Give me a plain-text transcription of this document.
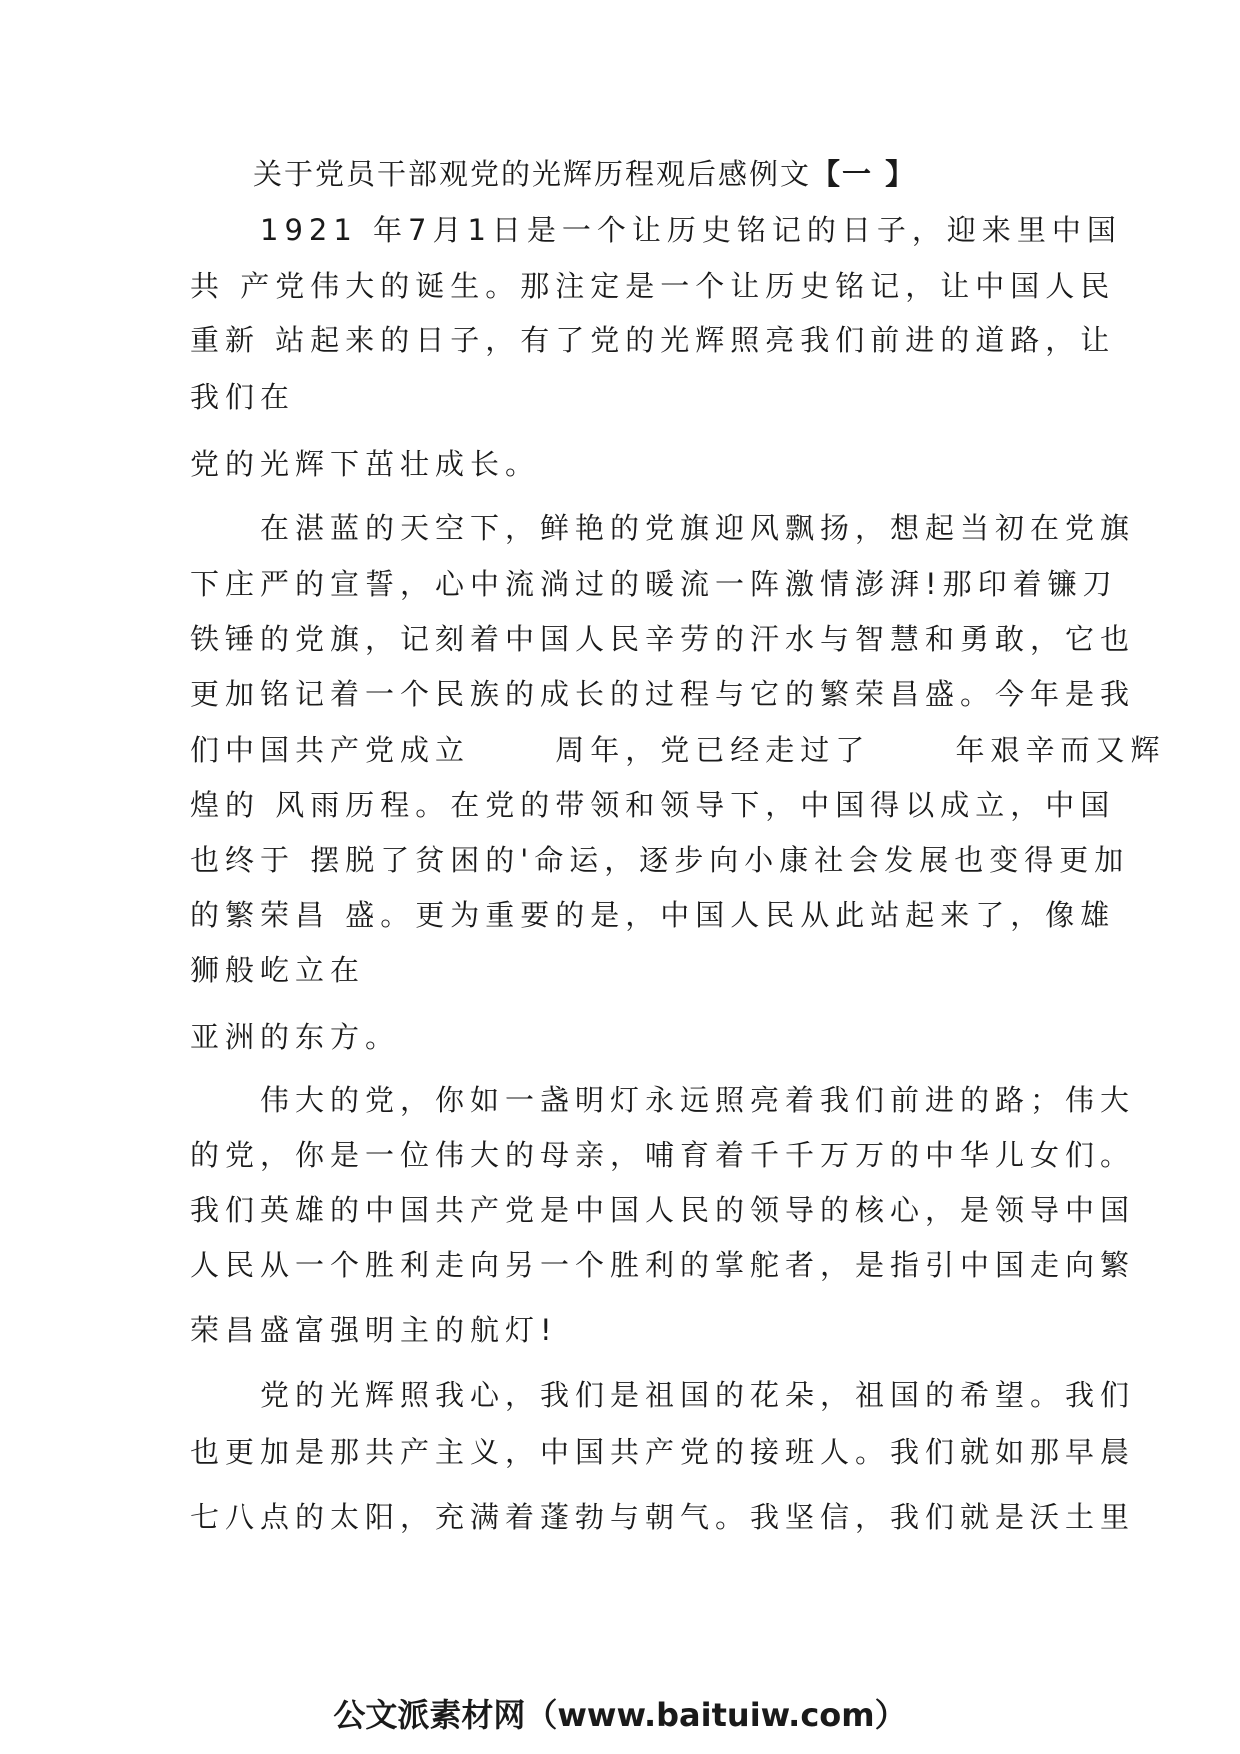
关于党员干部观党的光辉历程观后感例文【一 】
　　1921 年7月1日是一个让历史铭记的日子，迎来里中国
共 产党伟大的诞生。那注定是一个让历史铭记，让中国人民
重新 站起来的日子，有了党的光辉照亮我们前进的道路，让
我们在
党的光辉下茁壮成长。
　　在湛蓝的天空下，鲜艳的党旗迎风飘扬，想起当初在党旗
下庄严的宣誓，心中流淌过的暖流一阵激情澎湃!那印着镰刀
铁锤的党旗，记刻着中国人民辛劳的汗水与智慧和勇敢，它也
更加铭记着一个民族的成长的过程与它的繁荣昌盛。今年是我
们中国共产党成立　　 周年，党已经走过了　　 年艰辛而又辉
煌的 风雨历程。在党的带领和领导下，中国得以成立，中国
也终于 摆脱了贫困的'命运，逐步向小康社会发展也变得更加
的繁荣昌 盛。更为重要的是，中国人民从此站起来了，像雄
狮般屹立在
亚洲的东方。
　　伟大的党，你如一盏明灯永远照亮着我们前进的路；伟大
的党，你是一位伟大的母亲，哺育着千千万万的中华儿女们。
我们英雄的中国共产党是中国人民的领导的核心，是领导中国
人民从一个胜利走向另一个胜利的掌舵者，是指引中国走向繁
荣昌盛富强明主的航灯!
　　党的光辉照我心，我们是祖国的花朵，祖国的希望。我们
也更加是那共产主义，中国共产党的接班人。我们就如那早晨
七八点的太阳，充满着蓬勃与朝气。我坚信，我们就是沃土里
公文派素材网（www.baituiw.com）
